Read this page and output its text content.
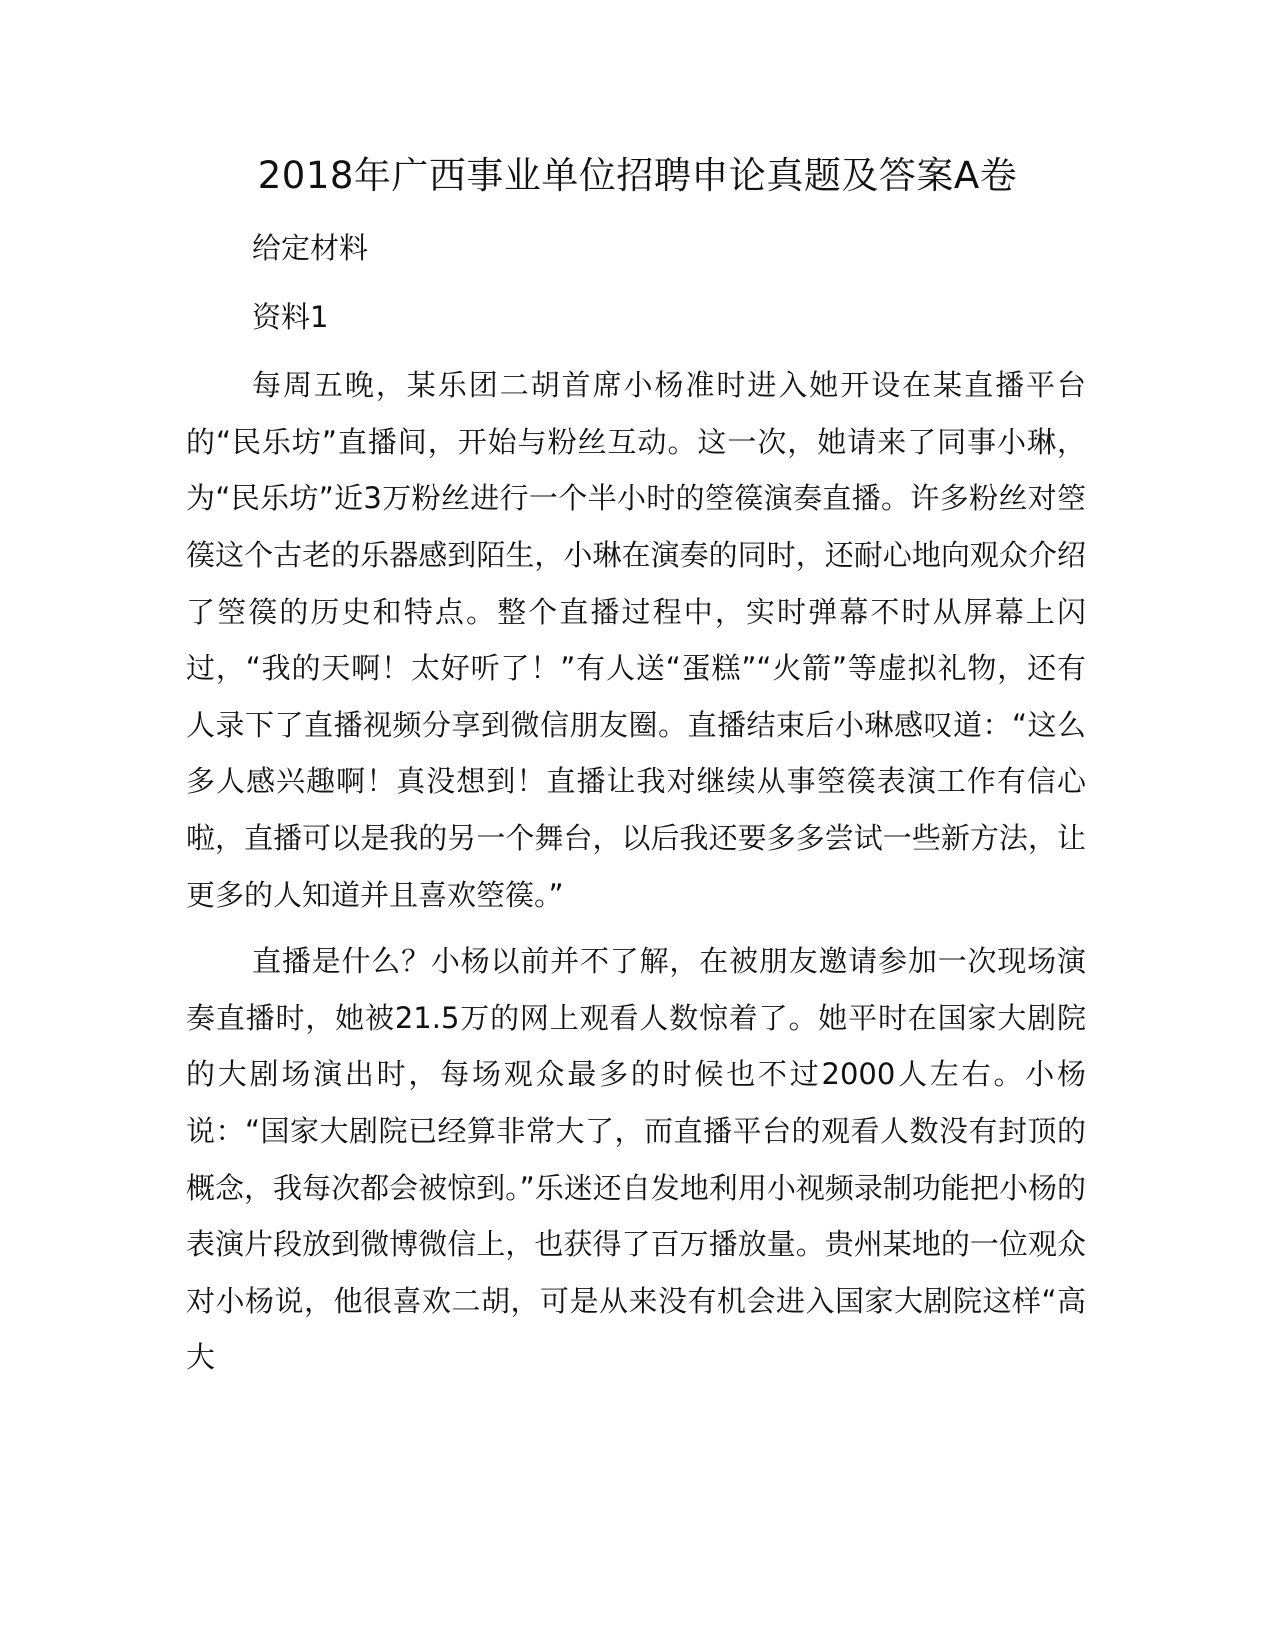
2018年广西事业单位招聘申论真题及答案A卷

给定材料

资料1

每周五晚，某乐团二胡首席小杨准时进入她开设在某直播平台的“民乐坊”直播间，开始与粉丝互动。这一次，她请来了同事小琳，为“民乐坊”近3万粉丝进行一个半小时的箜篌演奏直播。许多粉丝对箜篌这个古老的乐器感到陌生，小琳在演奏的同时，还耐心地向观众介绍了箜篌的历史和特点。整个直播过程中，实时弹幕不时从屏幕上闪过，“我的天啊！太好听了！”有人送“蛋糕”“火箭”等虚拟礼物，还有人录下了直播视频分享到微信朋友圈。直播结束后小琳感叹道：“这么多人感兴趣啊！真没想到！直播让我对继续从事箜篌表演工作有信心啦，直播可以是我的另一个舞台，以后我还要多多尝试一些新方法，让更多的人知道并且喜欢箜篌。”

直播是什么？小杨以前并不了解，在被朋友邀请参加一次现场演奏直播时，她被21.5万的网上观看人数惊着了。她平时在国家大剧院的大剧场演出时，每场观众最多的时候也不过2000人左右。小杨说：“国家大剧院已经算非常大了，而直播平台的观看人数没有封顶的概念，我每次都会被惊到。”乐迷还自发地利用小视频录制功能把小杨的表演片段放到微博微信上，也获得了百万播放量。贵州某地的一位观众对小杨说，他很喜欢二胡，可是从来没有机会进入国家大剧院这样“高大
